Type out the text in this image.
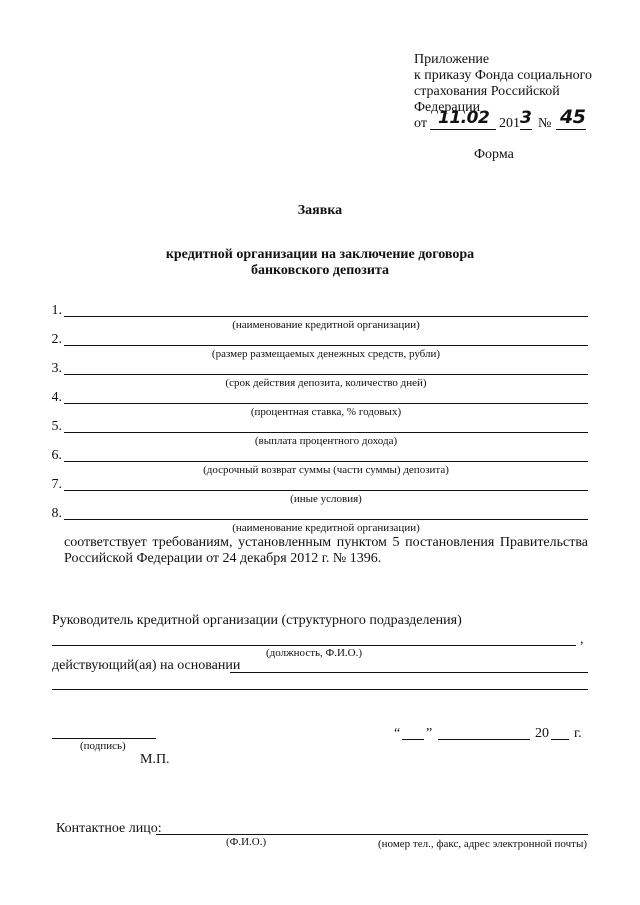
Приложение
к приказу Фонда социального
страхования Российской
Федерации
от 11.02 201 3 № 45
Форма
Заявка
кредитной организации на заключение договора
банковского депозита
1.
(наименование кредитной организации)
2.
(размер размещаемых денежных средств, рубли)
3.
(срок действия депозита, количество дней)
4.
(процентная ставка, % годовых)
5.
(выплата процентного дохода)
6.
(досрочный возврат суммы (части суммы) депозита)
7.
(иные условия)
8.
(наименование кредитной организации)
соответствует требованиям, установленным пунктом 5 постановления Правительства
Российской Федерации от 24 декабря 2012 г. № 1396.
Руководитель кредитной организации (структурного подразделения)
,
(должность, Ф.И.О.)
действующий(ая) на основании
(подпись)
М.П.
“ ”	20 г.
Контактное лицо:
(Ф.И.О.)	(номер тел., факс, адрес электронной почты)
